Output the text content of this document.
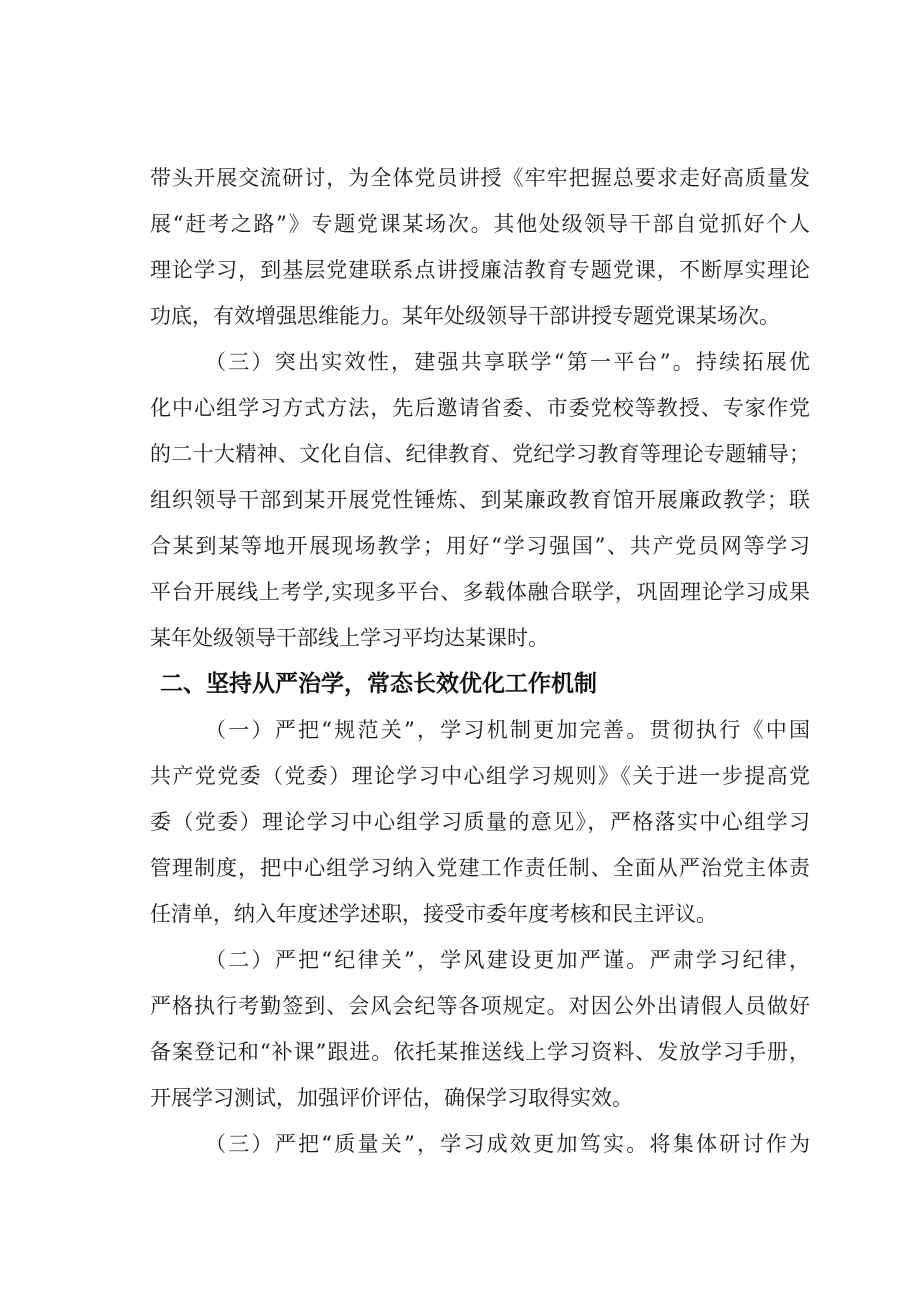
带头开展交流研讨，为全体党员讲授《牢牢把握总要求走好高质量发

展“赶考之路”》专题党课某场次。其他处级领导干部自觉抓好个人

理论学习，到基层党建联系点讲授廉洁教育专题党课，不断厚实理论

功底，有效增强思维能力。某年处级领导干部讲授专题党课某场次。

（三）突出实效性，建强共享联学“第一平台”。持续拓展优

化中心组学习方式方法，先后邀请省委、市委党校等教授、专家作党

的二十大精神、文化自信、纪律教育、党纪学习教育等理论专题辅导；

组织领导干部到某开展党性锤炼、到某廉政教育馆开展廉政教学；联

合某到某等地开展现场教学；用好“学习强国”、共产党员网等学习

平台开展线上考学,实现多平台、多载体融合联学，巩固理论学习成果

某年处级领导干部线上学习平均达某课时。

二、坚持从严治学，常态长效优化工作机制

（一）严把“规范关”，学习机制更加完善。贯彻执行《中国

共产党党委（党委）理论学习中心组学习规则》《关于进一步提高党

委（党委）理论学习中心组学习质量的意见》，严格落实中心组学习

管理制度，把中心组学习纳入党建工作责任制、全面从严治党主体责

任清单，纳入年度述学述职，接受市委年度考核和民主评议。

（二）严把“纪律关”，学风建设更加严谨。严肃学习纪律，

严格执行考勤签到、会风会纪等各项规定。对因公外出请假人员做好

备案登记和“补课”跟进。依托某推送线上学习资料、发放学习手册，

开展学习测试，加强评价评估，确保学习取得实效。

（三）严把“质量关”，学习成效更加笃实。将集体研讨作为
